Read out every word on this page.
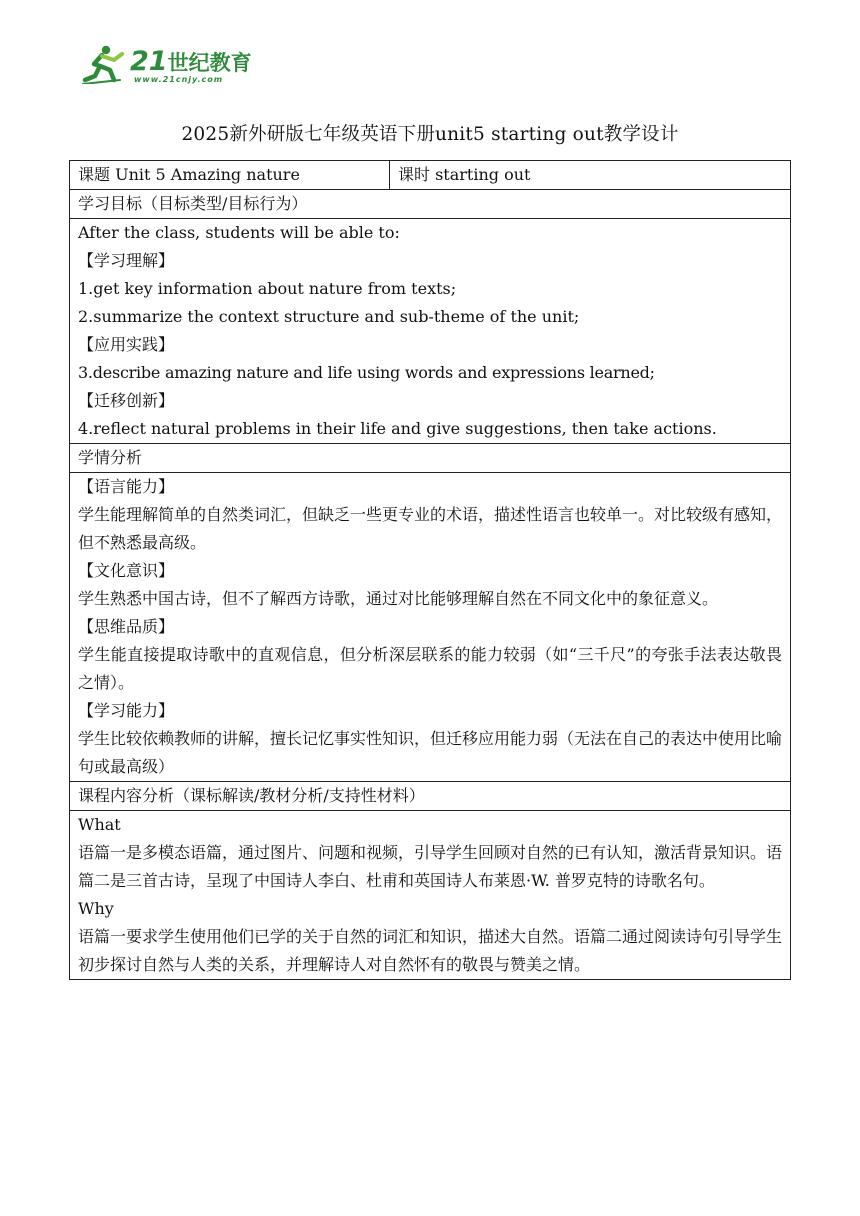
21世纪教育
www.21cnjy.com
2025新外研版七年级英语下册unit5 starting out教学设计
课题 Unit 5 Amazing nature	课时 starting out
学习目标（目标类型/目标行为）

After the class, students will be able to:
【学习理解】
1.get key information about nature from texts;
2.summarize the context structure and sub-theme of the unit;
【应用实践】
3.describe amazing nature and life using words and expressions learned;
【迁移创新】
4.reflect natural problems in their life and give suggestions, then take actions.

学情分析

【语言能力】
学生能理解简单的自然类词汇，但缺乏一些更专业的术语，描述性语言也较单一。对比较级有感知，但不熟悉最高级。
【文化意识】
学生熟悉中国古诗，但不了解西方诗歌，通过对比能够理解自然在不同文化中的象征意义。
【思维品质】
学生能直接提取诗歌中的直观信息，但分析深层联系的能力较弱（如“三千尺”的夸张手法表达敬畏之情）。
【学习能力】
学生比较依赖教师的讲解，擅长记忆事实性知识，但迁移应用能力弱（无法在自己的表达中使用比喻句或最高级）

课程内容分析（课标解读/教材分析/支持性材料）

What
语篇一是多模态语篇，通过图片、问题和视频，引导学生回顾对自然的已有认知，激活背景知识。语篇二是三首古诗，呈现了中国诗人李白、杜甫和英国诗人布莱恩·W. 普罗克特的诗歌名句。
Why
语篇一要求学生使用他们已学的关于自然的词汇和知识，描述大自然。语篇二通过阅读诗句引导学生初步探讨自然与人类的关系，并理解诗人对自然怀有的敬畏与赞美之情。
